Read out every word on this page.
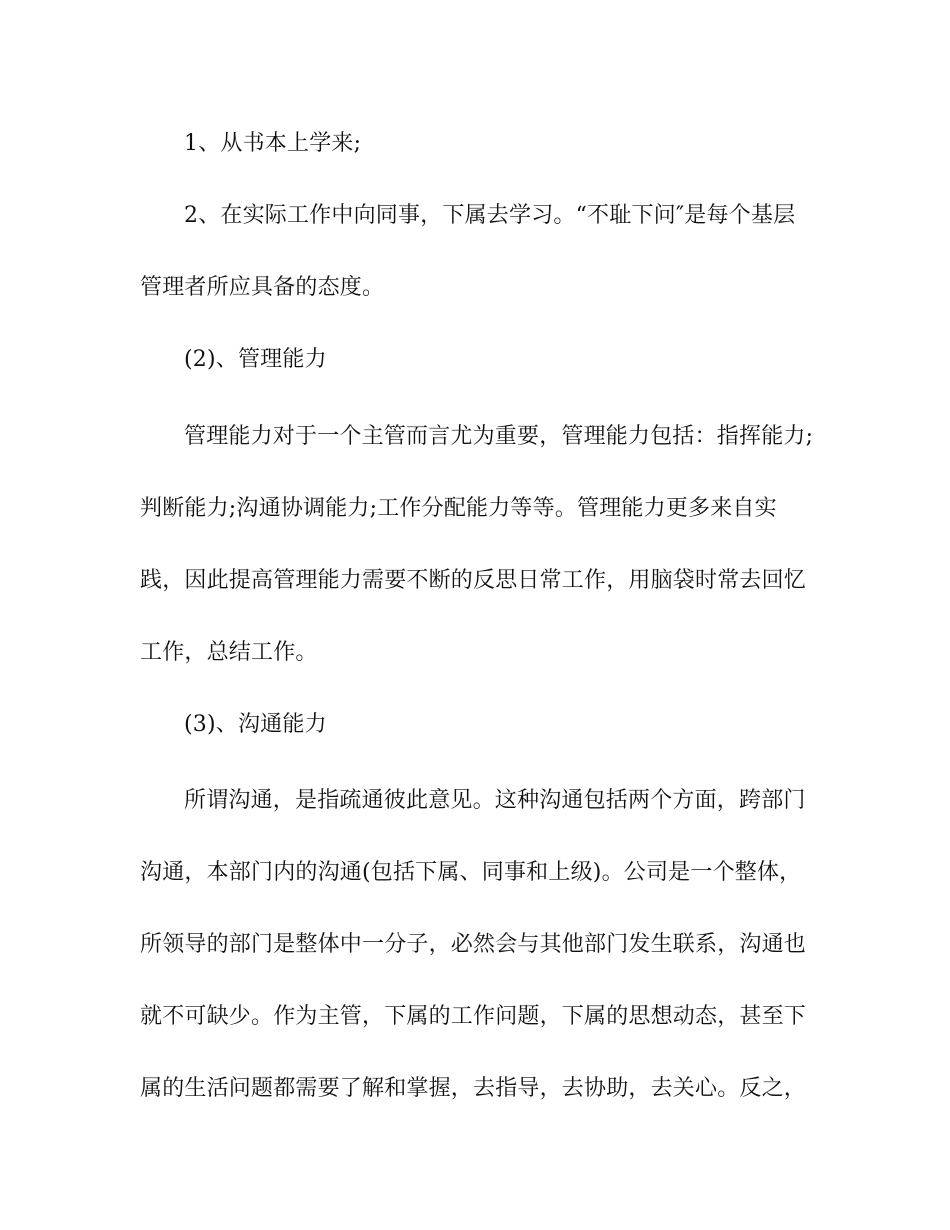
1、从书本上学来;
2、在实际工作中向同事，下属去学习。“不耻下问″是每个基层
管理者所应具备的态度。
(2)、管理能力
管理能力对于一个主管而言尤为重要，管理能力包括：指挥能力;
判断能力;沟通协调能力;工作分配能力等等。管理能力更多来自实
践，因此提高管理能力需要不断的反思日常工作，用脑袋时常去回忆
工作，总结工作。
(3)、沟通能力
所谓沟通，是指疏通彼此意见。这种沟通包括两个方面，跨部门
沟通，本部门内的沟通(包括下属、同事和上级)。公司是一个整体，
所领导的部门是整体中一分子，必然会与其他部门发生联系，沟通也
就不可缺少。作为主管，下属的工作问题，下属的思想动态，甚至下
属的生活问题都需要了解和掌握，去指导，去协助，去关心。反之，
